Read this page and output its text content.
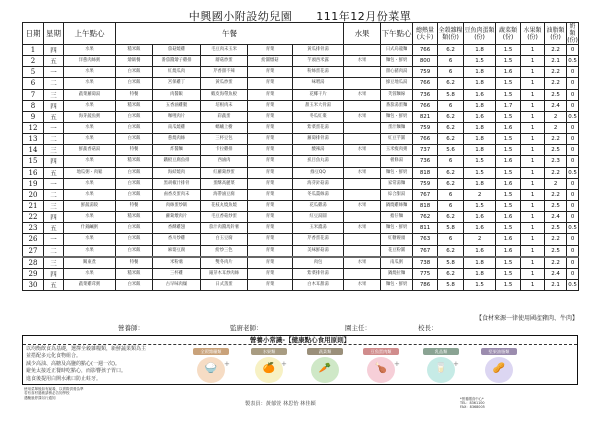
中興國小附設幼兒園 111年12月份菜單
日期	星期	上午點心	午餐					水果	下午點心	總熱量(大卡)	全榖雜糧類(份)	豆魚肉蛋類(份)	蔬菜類(份)	水果類(份)	油脂類(份)	奶類(份)
1	四	水果	糙米飯	茄菇燒雞	毛豆肉末玉米	青菜	黃瓜排骨湯		日式烏龍麵	766	6.2	1.8	1.5	1	2.2	0
2	五	洋蔥肉絲粥	燴飯餐	番茄醬燴子雞排	蘑菇炒蛋	紛圓燉菇	芋頭西米露	水果	麵包・鮮奶	800	6	1.5	1.5	1	2.1	0.5
5	一	水果	白米飯	紅燒瓜肉	芹香甜不辣	青菜	粉絲蛋花湯		甜心豬肉湯	759	6	1.8	1.6	1	2.2	0
6	二	水果	白米飯	宮保雞丁	黃瓜炒蛋	青菜	味噌湯		綠豆地瓜湯	766	6.2	1.8	1.5	1	2.2	0
7	三	蔬菜蘿蔔湯	特餐	肉醬飯	蝦皮海帶魚板	青菜	花椰干片	水果	芙蓉麵線	736	5.8	1.6	1.5	1	2.5	0
8	四	水果	糙米飯	五香滷雞腿	培根肉末	青菜	甜玉米大骨湯		番茄湯蛋麵	766	6	1.8	1.7	1	2.4	0
9	五	海芽蔬魚粥	白米飯	咖哩肉片	彩蔬蛋	青菜	冬瓜紅棗	水果	麵包・鮮奶	821	6.2	1.6	1.5	1	2	0.5
12	一	水果	白米飯	南瓜燒雞	螞蟻上樹	青菜	紫菜蛋花湯		蛋汁麵麵	759	6.2	1.8	1.6	1	2	0
13	二	水果	白米飯	蔥燒肉絲	三杯豆包	青菜	蘿蔔排骨湯		紅豆芋圓	766	6.2	1.8	1.5	1	2.2	0
14	三	鮮蔬香菇湯	特餐	炸醬麵	卡拉雞排	青菜	酸辣湯	水果	玉米瘦肉粥	737	5.6	1.8	1.5	1	2.5	0
15	四	水果	糙米飯	鐵板豆腐魚排	西滷肉	青菜	虱目魚丸湯		板條湯	736	6	1.5	1.6	1	2.3	0
16	五	地瓜粥・肉鬆	白米飯	海結燒肉	紅蘿蔔炒蛋	青菜	綠豆QQ	水果	麵包・鮮奶	818	6.2	1.5	1.5	1	2.2	0.5
19	一	水果	白米飯	黑胡椒汁排骨	蛋酥高麗菜	青菜	海芽針菇湯		家常湯麵	759	6.2	1.8	1.6	1	2	0
20	二	水果	白米飯	鹵香皮蛋肉末	海帶滷豆腐	青菜	冬瓜薑絲湯		綜合甜湯	767	6	2	1.5	1	2.2	0
21	三	鮮蔬湯餃	特餐	肉絲蛋炒飯	花枝丸燒魚燒	青菜	花瓜雞湯	水果	鍋燒雞絲麵	818	6	1.5	1.5	1	2.5	0
22	四	水果	糙米飯	蘿蔔燉肉片	毛豆香菇炒蛋	青菜	紅豆湯圓		擔仔麵	762	6.2	1.6	1.6	1	2.4	0
23	五	什錦鹹粥	白米飯	香酥雞翅	茄汁肉醬馬鈴薯	青菜	玉米濃湯	水果	麵包・鮮奶	811	5.8	1.6	1.5	1	2.5	0.5
26	一	水果	白米飯	香川炒雞	白玉豆腐	青菜	芹香蛋花湯		紅糖饅頭	763	6	2	1.6	1	2.2	0
27	二	水果	白米飯	麻婆豆腐	紛炒三色	青菜	美味鮮菇湯		花豆粉圓	767	6.2	1.6	1.6	1	2.5	0
28	三	關東煮	特餐	米粉羹	雙冬肉片	青菜	肉包	水果	南瓜粥	738	5.8	1.8	1.5	1	2.2	0
29	四	水果	糙米飯	三杯雞	銀芽木耳炒肉絲	青菜	紫菜排骨湯		鍋燒拉麵	775	6.2	1.8	1.5	1	2.4	0
30	五	蔬菜雞茸粥	白米飯	古早味肉燥	日式蒸蛋	青菜	白木耳甜湯	水果	麵包・鮮奶	786	5.8	1.5	1.5	1	2.1	0.5
【食材來源一律使用國產豬肉、牛肉】
營養師：	監廚老師：	園主任：	校長：
營養小常識-【健康點心食用原則】
以均衡飲食為基礎，選擇全穀雜糧類，新鮮蔬果類為主
並搭配多元化食物組合。
減少高油、高糖及高鹽的點心(一週一次)。
避免太接近正餐時吃點心，而影響孩子胃口。
進食後提用白開水漱口防止蛀牙。
全榖雜糧類
🍚
水果類
🍊
蔬菜類
🥕
豆魚蛋肉類
🍗
乳品類
🥛
堅果油脂類
🥜
+	+	+	+
使用菜單後如有疑義，以實際供餐為準
若有食材過敏請務必告知學校
遇颱風停課另行通知
製表員：黃郁萱 林思怡 林佳穎
*營養膳食中心*
TEL：8361100
FAX：8368005
